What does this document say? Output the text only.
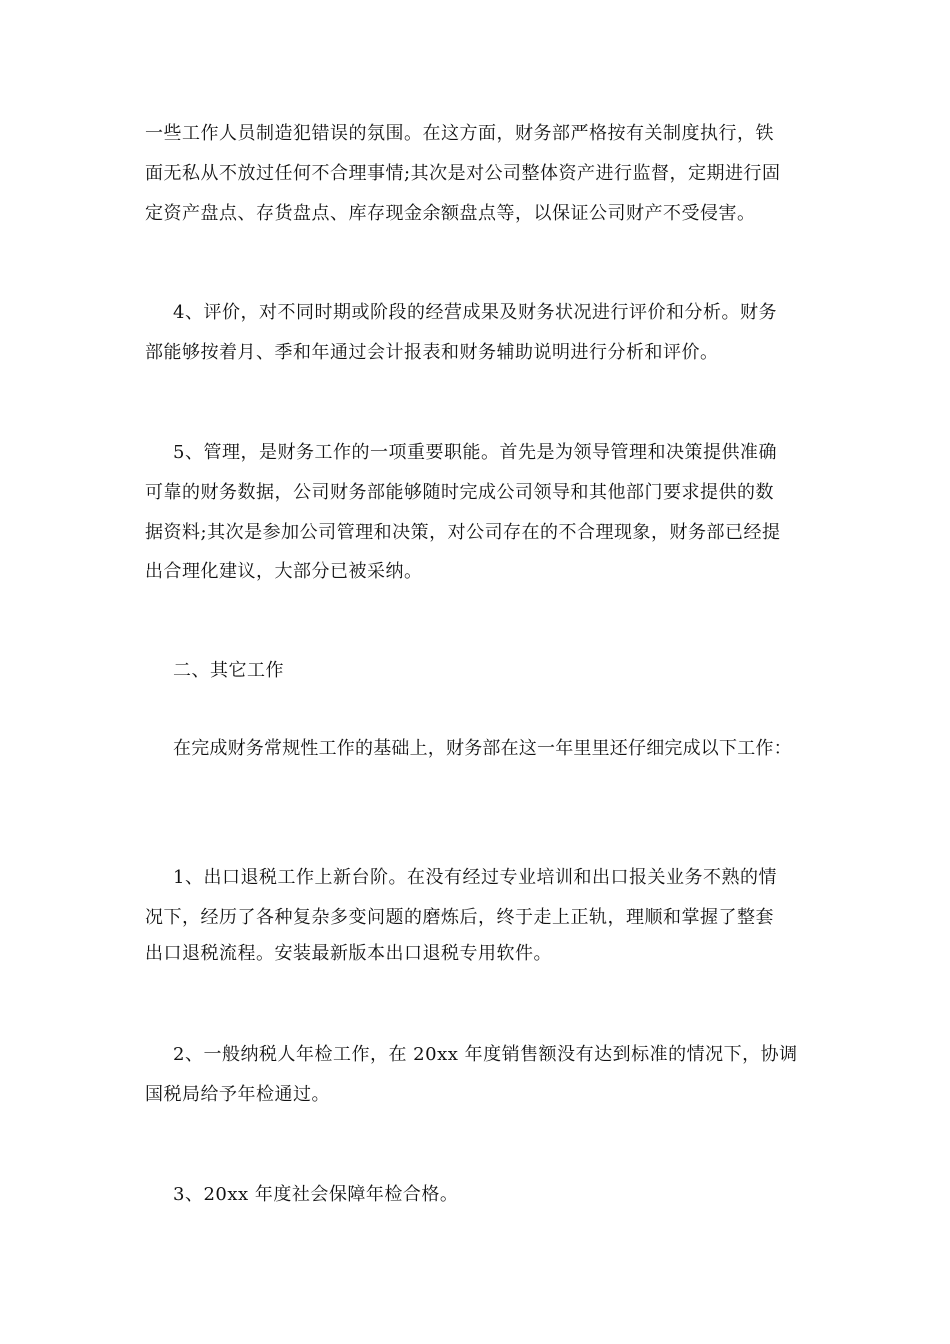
一些工作人员制造犯错误的氛围。在这方面，财务部严格按有关制度执行，铁
面无私从不放过任何不合理事情;其次是对公司整体资产进行监督，定期进行固
定资产盘点、存货盘点、库存现金余额盘点等，以保证公司财产不受侵害。
4、评价，对不同时期或阶段的经营成果及财务状况进行评价和分析。财务
部能够按着月、季和年通过会计报表和财务辅助说明进行分析和评价。
5、管理，是财务工作的一项重要职能。首先是为领导管理和决策提供准确
可靠的财务数据，公司财务部能够随时完成公司领导和其他部门要求提供的数
据资料;其次是参加公司管理和决策，对公司存在的不合理现象，财务部已经提
出合理化建议，大部分已被采纳。
二、其它工作
在完成财务常规性工作的基础上，财务部在这一年里里还仔细完成以下工作：
1、出口退税工作上新台阶。在没有经过专业培训和出口报关业务不熟的情
况下，经历了各种复杂多变问题的磨炼后，终于走上正轨，理顺和掌握了整套
出口退税流程。安装最新版本出口退税专用软件。
2、一般纳税人年检工作，在 20xx 年度销售额没有达到标准的情况下，协调
国税局给予年检通过。
3、20xx 年度社会保障年检合格。
